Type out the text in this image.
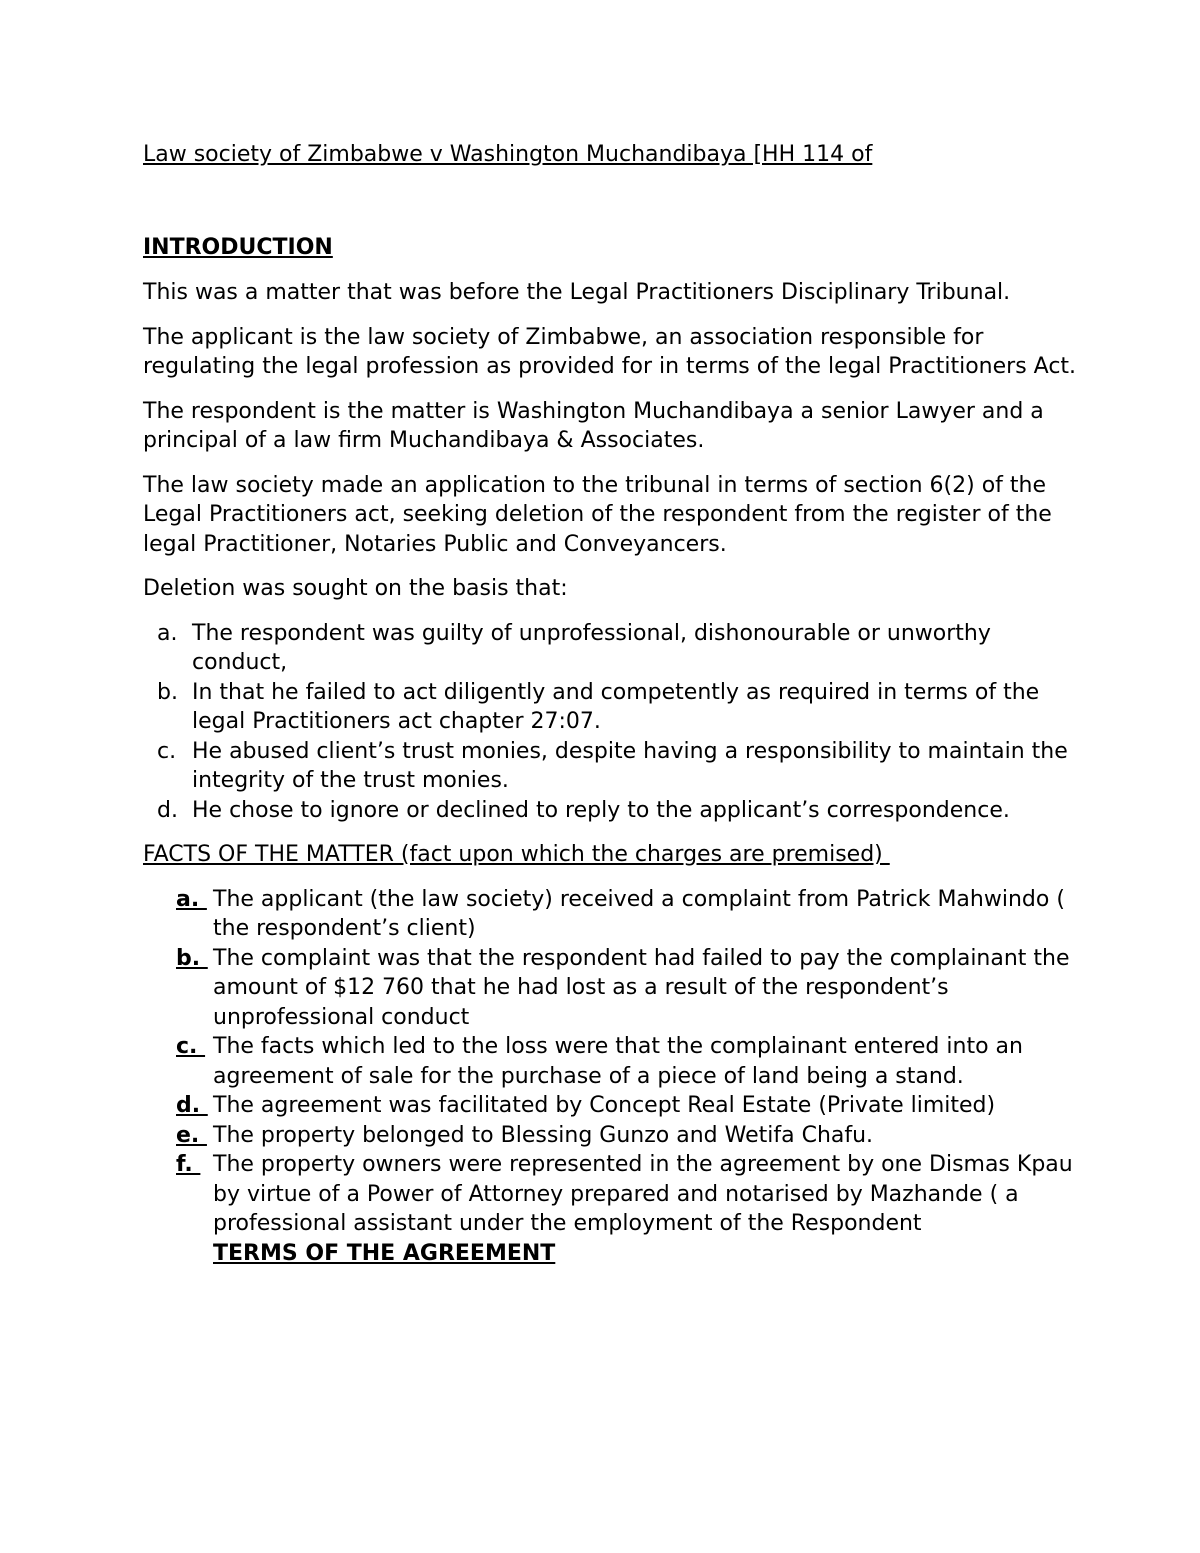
Law society of Zimbabwe v Washington Muchandibaya [HH 114 of
INTRODUCTION

This was a matter that was before the Legal Practitioners Disciplinary Tribunal.

The applicant is the law society of Zimbabwe, an association responsible for regulating the legal profession as provided for in terms of the legal Practitioners Act.

The respondent is the matter is Washington Muchandibaya a senior Lawyer and a principal of a law firm Muchandibaya & Associates.

The law society made an application to the tribunal in terms of section 6(2) of the Legal Practitioners act, seeking deletion of the respondent from the register of the legal Practitioner, Notaries Public and Conveyancers.

Deletion was sought on the basis that:

a. The respondent was guilty of unprofessional, dishonourable or unworthy conduct,
b. In that he failed to act diligently and competently as required in terms of the legal Practitioners act chapter 27:07.
c. He abused client’s trust monies, despite having a responsibility to maintain the integrity of the trust monies.
d. He chose to ignore or declined to reply to the applicant’s correspondence.
FACTS OF THE MATTER (fact upon which the charges are premised)
a. The applicant (the law society) received a complaint from Patrick Mahwindo ( the respondent’s client)
b. The complaint was that the respondent had failed to pay the complainant the amount of $12 760 that he had lost as a result of the respondent’s unprofessional conduct
c. The facts which led to the loss were that the complainant entered into an agreement of sale for the purchase of a piece of land being a stand.
d. The agreement was facilitated by Concept Real Estate (Private limited)
e. The property belonged to Blessing Gunzo and Wetifa Chafu.
f. The property owners were represented in the agreement by one Dismas Kpau by virtue of a Power of Attorney prepared and notarised by Mazhande ( a professional assistant under the employment of the Respondent
TERMS OF THE AGREEMENT
